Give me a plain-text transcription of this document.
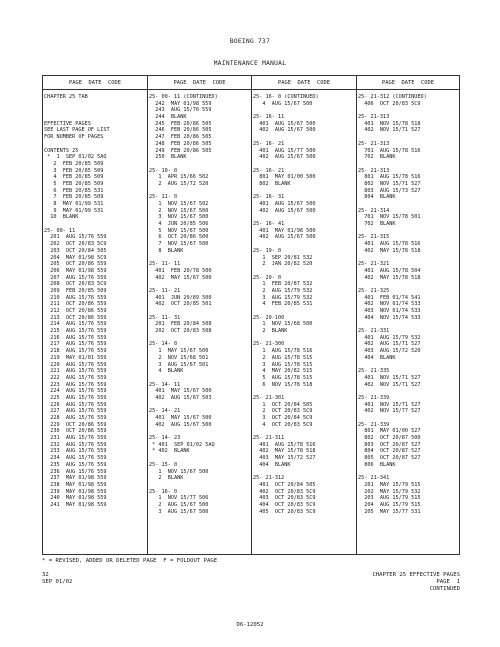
BOEING 737
MAINTENANCE MANUAL
PAGE  DATE  CODE
CHAPTER 25 TAB
EFFECTIVE PAGES
SEE LAST PAGE OF LIST
FOR NUMBER OF PAGES
CONTENTS 25
*  1  SEP 01/02 5AQ
2  FEB 20/85 509
3  FEB 20/85 509
4  FEB 20/85 509
5  FEB 20/85 509
6  FEB 20/85 531
7  FEB 20/85 509
8  MAY 01/99 531
9  MAY 01/99 531
10  BLANK
25- 00- 11
201  AUG 15/76 559
202  OCT 20/83 5C9
203  OCT 20/84 505
204  MAY 01/98 5C9
205  OCT 20/86 559
206  MAY 01/98 559
207  AUG 15/76 559
208  OCT 20/83 5C9
209  FEB 20/85 509
210  AUG 15/76 559
211  OCT 20/86 559
212  OCT 20/86 559
213  OCT 20/86 559
214  AUG 15/76 559
215  AUG 15/76 559
216  AUG 15/76 559
217  AUG 15/76 559
218  AUG 15/76 559
219  MAY 01/01 559
220  AUG 15/76 559
221  AUG 15/76 559
222  AUG 15/76 559
223  AUG 15/76 559
224  AUG 15/76 559
225  AUG 15/76 559
226  AUG 15/76 559
227  AUG 15/76 559
228  AUG 15/76 559
229  OCT 20/86 559
230  OCT 20/86 559
231  AUG 15/76 559
232  AUG 15/76 559
233  AUG 15/76 559
234  AUG 15/76 559
235  AUG 15/76 559
236  AUG 15/76 559
237  MAY 01/98 559
238  MAY 01/98 559
239  MAY 01/98 559
240  MAY 01/98 559
241  MAY 01/98 559
PAGE  DATE  CODE
25- 00- 11 (CONTINUED)
242  MAY 01/98 559
243  AUG 15/76 559
244  BLANK
245  FEB 20/86 505
246  FEB 20/86 505
247  FEB 20/86 505
248  FEB 20/86 505
249  FEB 20/86 505
250  BLANK
25- 10- 0
1  APR 15/66 502
2  AUG 15/72 520
25- 11- 0
1  NOV 15/67 502
2  NOV 15/67 500
3  NOV 15/67 500
4  JUN 20/85 506
5  NOV 15/67 500
6  OCT 20/86 500
7  NOV 15/67 500
8  BLANK
25- 11- 11
401  FEB 20/78 500
402  MAY 15/67 500
25- 11- 21
401  JUN 20/89 500
402  OCT 20/85 501
25- 11- 31
201  FEB 20/84 508
202  OCT 20/83 508
25- 14- 0
1  MAY 15/67 500
2  NOV 15/68 501
3  AUG 15/67 501
4  BLANK
25- 14- 11
401  MAY 15/67 500
402  AUG 15/67 503
25- 14- 21
401  MAY 15/67 500
402  AUG 15/67 500
25- 14- 23
* 401  SEP 01/02 5AQ
* 402  BLANK
25- 15- 0
1  NOV 15/67 500
2  BLANK
25- 16- 0
1  NOV 15/77 506
2  AUG 15/67 500
3  AUG 15/67 500
PAGE  DATE  CODE
25- 16- 0 (CONTINUED)
4  AUG 15/67 500
25- 16- 11
401  AUG 15/67 500
402  AUG 15/67 500
25- 16- 21
401  AUG 15/77 500
402  AUG 15/67 500
25- 16- 21
801  MAY 01/00 500
802  BLANK
25- 16- 31
401  AUG 15/67 500
402  AUG 15/67 500
25- 16- 41
401  MAY 01/98 500
402  AUG 15/67 500
25- 19- 0
1  SEP 20/81 532
2  JAN 20/82 520
25- 20- 0
1  FEB 20/87 532
2  AUG 15/79 532
3  AUG 15/79 532
4  FEB 20/85 531
25- 20-100
1  NOV 15/68 500
2  BLANK
25- 21-300
1  AUG 15/78 516
2  AUG 15/78 515
3  AUG 15/78 515
4  MAY 20/82 515
5  AUG 15/78 515
6  NOV 15/78 518
25- 21-301
1  OCT 20/84 505
2  OCT 20/83 5C9
3  OCT 20/84 5C9
4  OCT 20/83 5C9
25- 21-311
401  AUG 15/78 516
402  MAY 15/78 518
403  MAY 15/72 527
404  BLANK
25- 21-312
401  OCT 20/84 505
402  OCT 20/83 5C9
403  OCT 20/83 5C9
404  OCT 20/83 5C9
405  OCT 20/83 5C9
PAGE  DATE  CODE
25- 21-312 (CONTINUED)
406  OCT 20/83 5C9
25- 21-313
401  NOV 15/78 518
402  NOV 15/71 527
25- 21-313
701  AUG 15/78 516
702  BLANK
25- 21-313
801  AUG 15/78 516
802  NOV 15/71 527
803  AUG 15/73 527
804  BLANK
25- 21-314
701  NOV 15/78 501
702  BLANK
25- 21-315
401  AUG 15/78 516
402  MAY 15/78 518
25- 21-321
401  AUG 15/78 504
402  MAY 15/78 518
25- 21-325
401  FEB 01/74 541
402  NOV 01/74 533
403  NOV 01/74 533
404  NOV 15/74 533
25- 21-331
401  AUG 15/79 532
402  AUG 15/71 527
403  AUG 15/72 520
404  BLANK
25- 21-335
401  NOV 15/71 527
402  NOV 15/71 527
25- 21-339
401  NOV 15/71 527
402  NOV 15/77 527
25- 21-339
801  MAY 01/00 527
802  OCT 20/87 500
803  OCT 20/87 527
804  OCT 20/87 527
805  OCT 20/87 527
806  BLANK
25- 21-341
201  MAY 15/79 515
202  MAY 15/79 532
203  AUG 15/79 515
204  AUG 15/79 515
205  MAY 15/77 531
* = REVISED, ADDED OR DELETED PAGE  F = FOLDOUT PAGE
32
SEP 01/02
CHAPTER 25 EFFECTIVE PAGES
PAGE  1
CONTINUED
D6-12052
